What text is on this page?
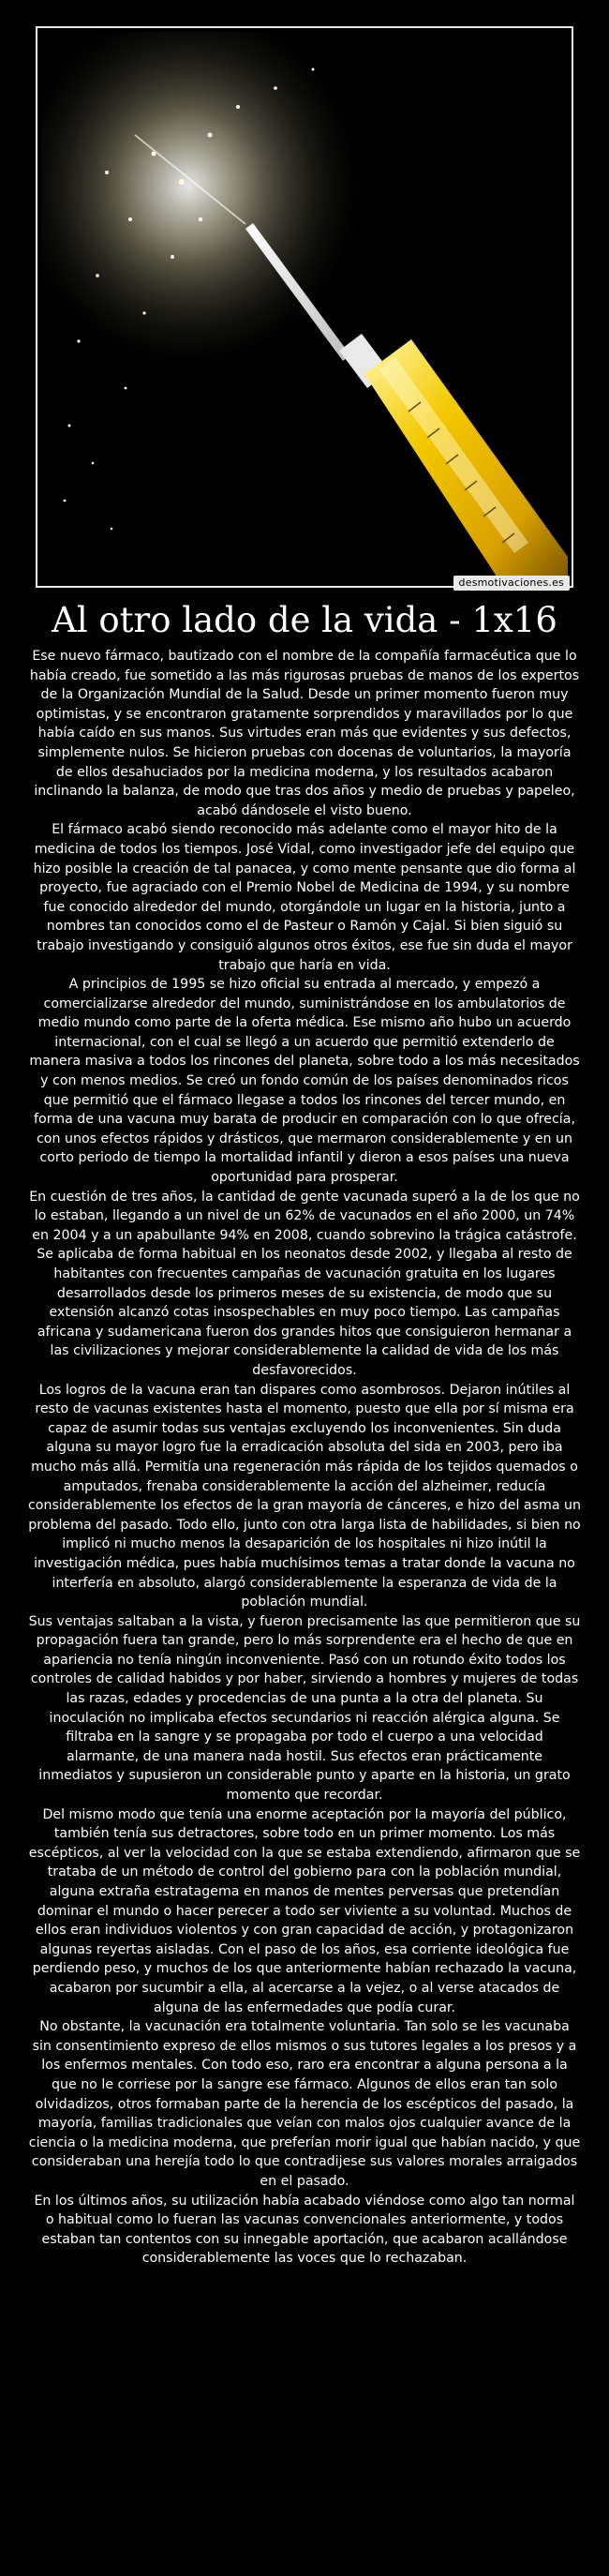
desmotivaciones.es
Al otro lado de la vida - 1x16

Ese nuevo fármaco, bautizado con el nombre de la compañía farmacéutica que lo había creado, fue sometido a las más rigurosas pruebas de manos de los expertos de la Organización Mundial de la Salud. Desde un primer momento fueron muy optimistas, y se encontraron gratamente sorprendidos y maravillados por lo que había caído en sus manos. Sus virtudes eran más que evidentes y sus defectos, simplemente nulos. Se hicieron pruebas con docenas de voluntarios, la mayoría de ellos desahuciados por la medicina moderna, y los resultados acabaron inclinando la balanza, de modo que tras dos años y medio de pruebas y papeleo, acabó dándosele el visto bueno.

El fármaco acabó siendo reconocido más adelante como el mayor hito de la medicina de todos los tiempos. José Vidal, como investigador jefe del equipo que hizo posible la creación de tal panacea, y como mente pensante que dio forma al proyecto, fue agraciado con el Premio Nobel de Medicina de 1994, y su nombre fue conocido alrededor del mundo, otorgándole un lugar en la historia, junto a nombres tan conocidos como el de Pasteur o Ramón y Cajal. Si bien siguió su trabajo investigando y consiguió algunos otros éxitos, ese fue sin duda el mayor trabajo que haría en vida.

A principios de 1995 se hizo oficial su entrada al mercado, y empezó a comercializarse alrededor del mundo, suministrándose en los ambulatorios de medio mundo como parte de la oferta médica. Ese mismo año hubo un acuerdo internacional, con el cual se llegó a un acuerdo que permitió extenderlo de manera masiva a todos los rincones del planeta, sobre todo a los más necesitados y con menos medios. Se creó un fondo común de los países denominados ricos que permitió que el fármaco llegase a todos los rincones del tercer mundo, en forma de una vacuna muy barata de producir en comparación con lo que ofrecía, con unos efectos rápidos y drásticos, que mermaron considerablemente y en un corto periodo de tiempo la mortalidad infantil y dieron a esos países una nueva oportunidad para prosperar.

En cuestión de tres años, la cantidad de gente vacunada superó a la de los que no lo estaban, llegando a un nivel de un 62% de vacunados en el año 2000, un 74% en 2004 y a un apabullante 94% en 2008, cuando sobrevino la trágica catástrofe. Se aplicaba de forma habitual en los neonatos desde 2002, y llegaba al resto de habitantes con frecuentes campañas de vacunación gratuita en los lugares desarrollados desde los primeros meses de su existencia, de modo que su extensión alcanzó cotas insospechables en muy poco tiempo. Las campañas africana y sudamericana fueron dos grandes hitos que consiguieron hermanar a las civilizaciones y mejorar considerablemente la calidad de vida de los más desfavorecidos.

Los logros de la vacuna eran tan dispares como asombrosos. Dejaron inútiles al resto de vacunas existentes hasta el momento, puesto que ella por sí misma era capaz de asumir todas sus ventajas excluyendo los inconvenientes. Sin duda alguna su mayor logro fue la erradicación absoluta del sida en 2003, pero iba mucho más allá. Permitía una regeneración más rápida de los tejidos quemados o amputados, frenaba considerablemente la acción del alzheimer, reducía considerablemente los efectos de la gran mayoría de cánceres, e hizo del asma un problema del pasado. Todo ello, junto con otra larga lista de habilidades, si bien no implicó ni mucho menos la desaparición de los hospitales ni hizo inútil la investigación médica, pues había muchísimos temas a tratar donde la vacuna no interfería en absoluto, alargó considerablemente la esperanza de vida de la población mundial.

Sus ventajas saltaban a la vista, y fueron precisamente las que permitieron que su propagación fuera tan grande, pero lo más sorprendente era el hecho de que en apariencia no tenía ningún inconveniente. Pasó con un rotundo éxito todos los controles de calidad habidos y por haber, sirviendo a hombres y mujeres de todas las razas, edades y procedencias de una punta a la otra del planeta. Su inoculación no implicaba efectos secundarios ni reacción alérgica alguna. Se filtraba en la sangre y se propagaba por todo el cuerpo a una velocidad alarmante, de una manera nada hostil. Sus efectos eran prácticamente inmediatos y supusieron un considerable punto y aparte en la historia, un grato momento que recordar.

Del mismo modo que tenía una enorme aceptación por la mayoría del público, también tenía sus detractores, sobre todo en un primer momento. Los más escépticos, al ver la velocidad con la que se estaba extendiendo, afirmaron que se trataba de un método de control del gobierno para con la población mundial, alguna extraña estratagema en manos de mentes perversas que pretendían dominar el mundo o hacer perecer a todo ser viviente a su voluntad. Muchos de ellos eran individuos violentos y con gran capacidad de acción, y protagonizaron algunas reyertas aisladas. Con el paso de los años, esa corriente ideológica fue perdiendo peso, y muchos de los que anteriormente habían rechazado la vacuna, acabaron por sucumbir a ella, al acercarse a la vejez, o al verse atacados de alguna de las enfermedades que podía curar.

No obstante, la vacunación era totalmente voluntaria. Tan solo se les vacunaba sin consentimiento expreso de ellos mismos o sus tutores legales a los presos y a los enfermos mentales. Con todo eso, raro era encontrar a alguna persona a la que no le corriese por la sangre ese fármaco. Algunos de ellos eran tan solo olvidadizos, otros formaban parte de la herencia de los escépticos del pasado, la mayoría, familias tradicionales que veían con malos ojos cualquier avance de la ciencia o la medicina moderna, que preferían morir igual que habían nacido, y que consideraban una herejía todo lo que contradijese sus valores morales arraigados en el pasado.

En los últimos años, su utilización había acabado viéndose como algo tan normal o habitual como lo fueran las vacunas convencionales anteriormente, y todos estaban tan contentos con su innegable aportación, que acabaron acallándose considerablemente las voces que lo rechazaban.
